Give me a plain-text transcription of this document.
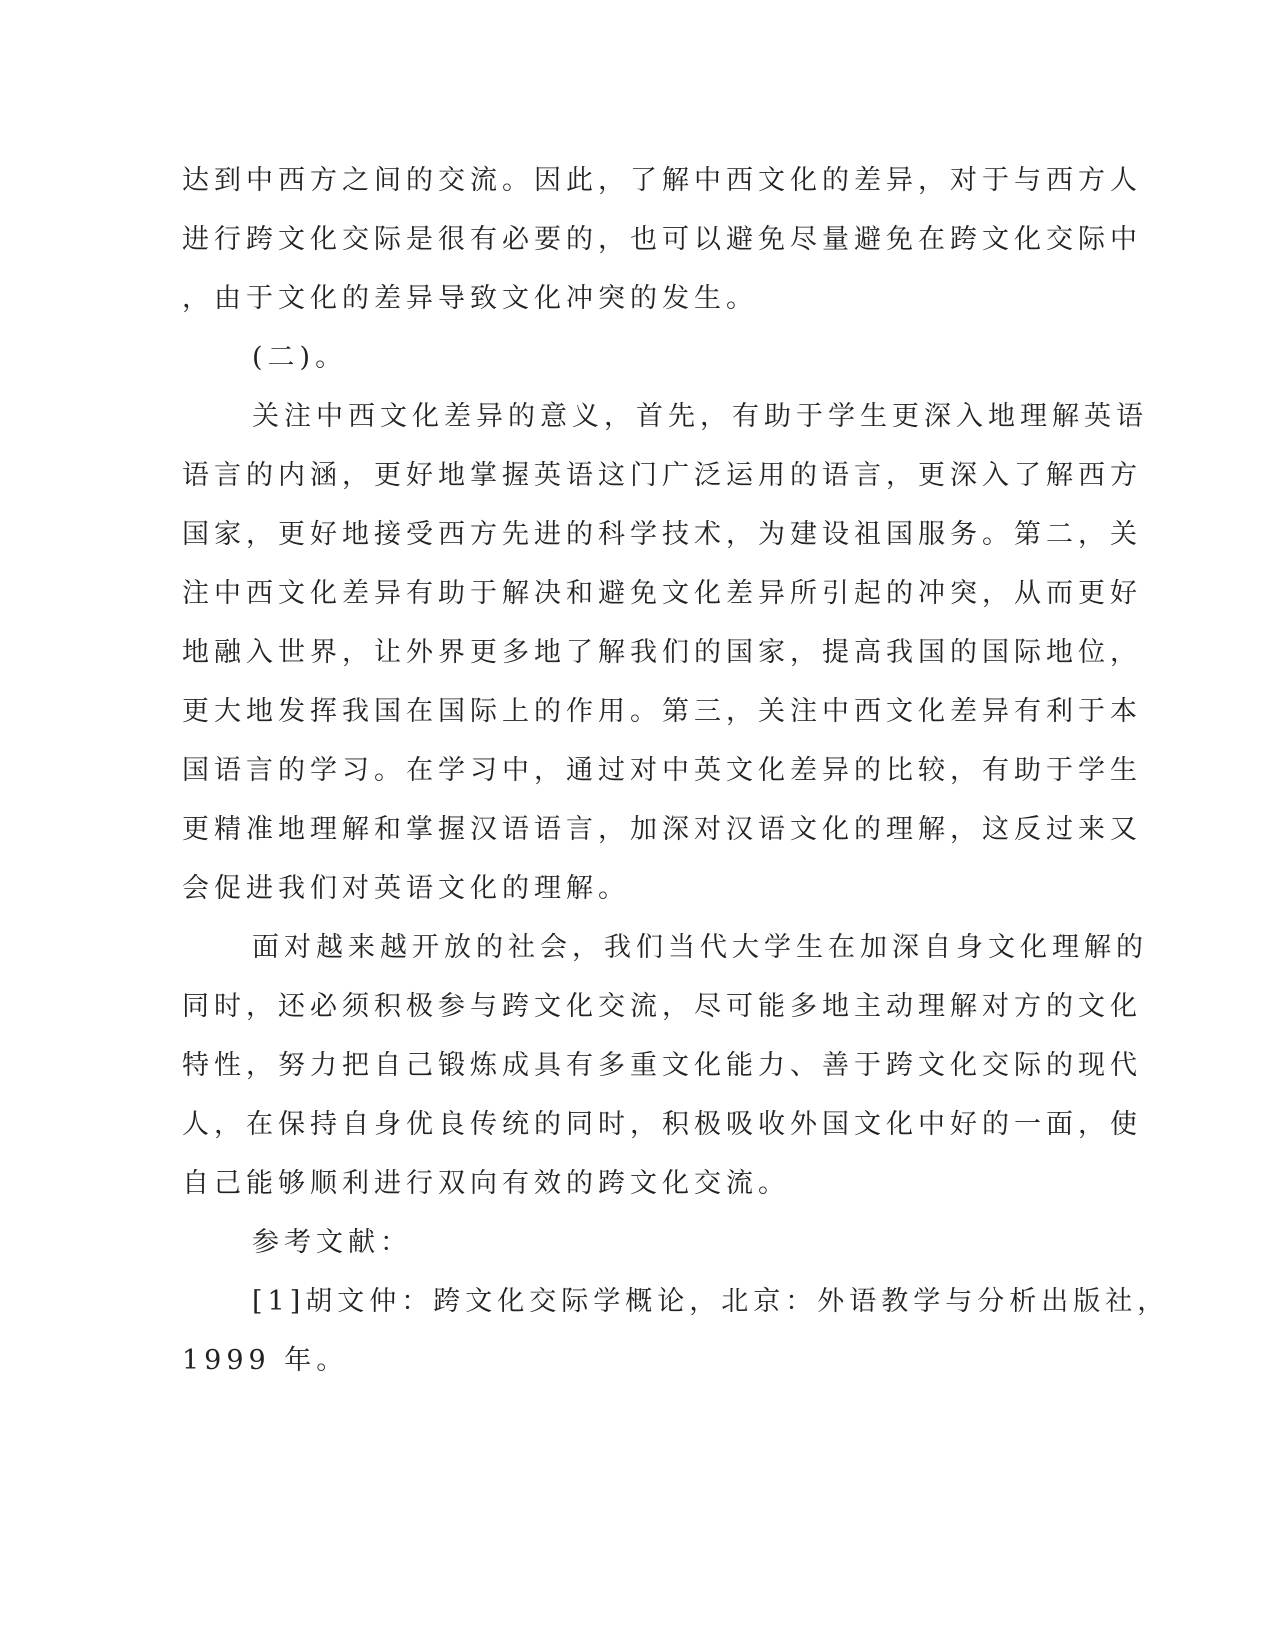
达到中西方之间的交流。因此，了解中西文化的差异，对于与西方人
进行跨文化交际是很有必要的，也可以避免尽量避免在跨文化交际中
，由于文化的差异导致文化冲突的发生。
(二)。
关注中西文化差异的意义，首先，有助于学生更深入地理解英语
语言的内涵，更好地掌握英语这门广泛运用的语言，更深入了解西方
国家，更好地接受西方先进的科学技术，为建设祖国服务。第二，关
注中西文化差异有助于解决和避免文化差异所引起的冲突，从而更好
地融入世界，让外界更多地了解我们的国家，提高我国的国际地位，
更大地发挥我国在国际上的作用。第三，关注中西文化差异有利于本
国语言的学习。在学习中，通过对中英文化差异的比较，有助于学生
更精准地理解和掌握汉语语言，加深对汉语文化的理解，这反过来又
会促进我们对英语文化的理解。
面对越来越开放的社会，我们当代大学生在加深自身文化理解的
同时，还必须积极参与跨文化交流，尽可能多地主动理解对方的文化
特性，努力把自己锻炼成具有多重文化能力、善于跨文化交际的现代
人，在保持自身优良传统的同时，积极吸收外国文化中好的一面，使
自己能够顺利进行双向有效的跨文化交流。
参考文献：
[1]胡文仲：跨文化交际学概论，北京：外语教学与分析出版社，
1999 年。
